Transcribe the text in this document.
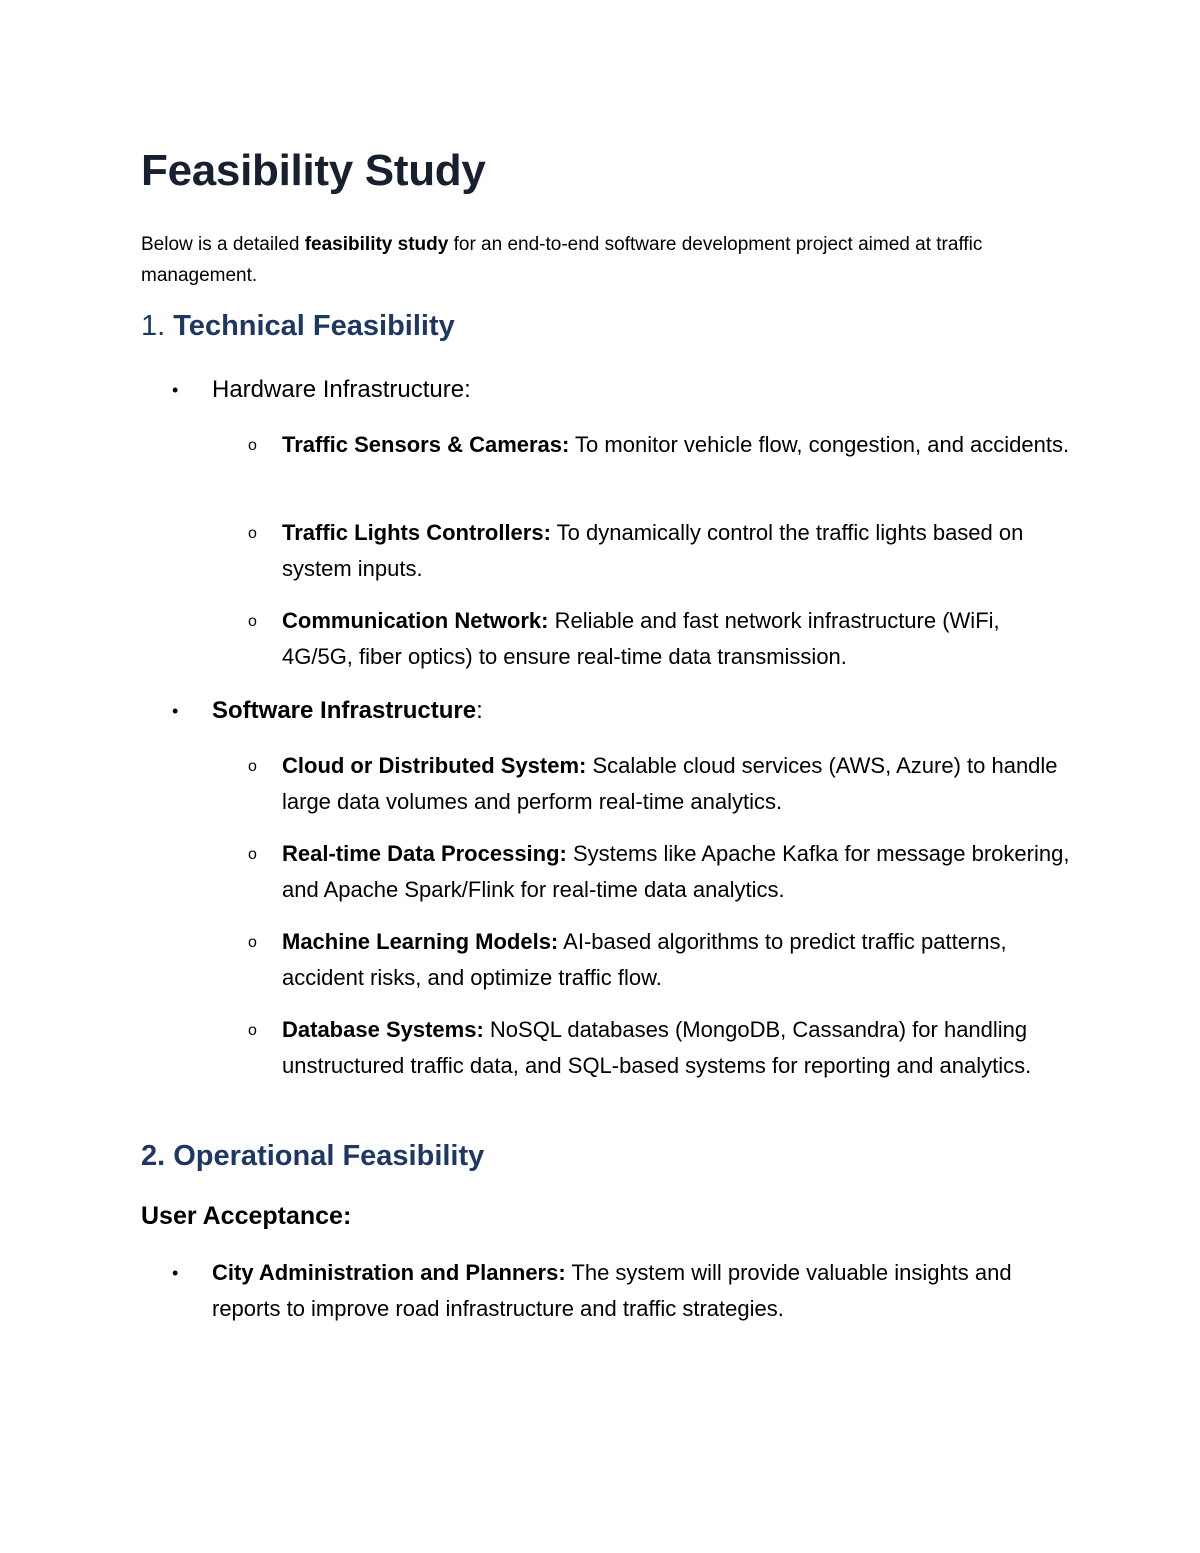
Feasibility Study

Below is a detailed feasibility study for an end-to-end software development project aimed at traffic management.

1. Technical Feasibility
• Hardware Infrastructure:

o Traffic Sensors & Cameras: To monitor vehicle flow, congestion, and accidents.

o Traffic Lights Controllers: To dynamically control the traffic lights based on system inputs.

o Communication Network: Reliable and fast network infrastructure (WiFi, 4G/5G, fiber optics) to ensure real-time data transmission.

• Software Infrastructure:

o Cloud or Distributed System: Scalable cloud services (AWS, Azure) to handle large data volumes and perform real-time analytics.

o Real-time Data Processing: Systems like Apache Kafka for message brokering, and Apache Spark/Flink for real-time data analytics.

o Machine Learning Models: AI-based algorithms to predict traffic patterns, accident risks, and optimize traffic flow.

o Database Systems: NoSQL databases (MongoDB, Cassandra) for handling unstructured traffic data, and SQL-based systems for reporting and analytics.

2. Operational Feasibility
User Acceptance:
• City Administration and Planners: The system will provide valuable insights and reports to improve road infrastructure and traffic strategies.
